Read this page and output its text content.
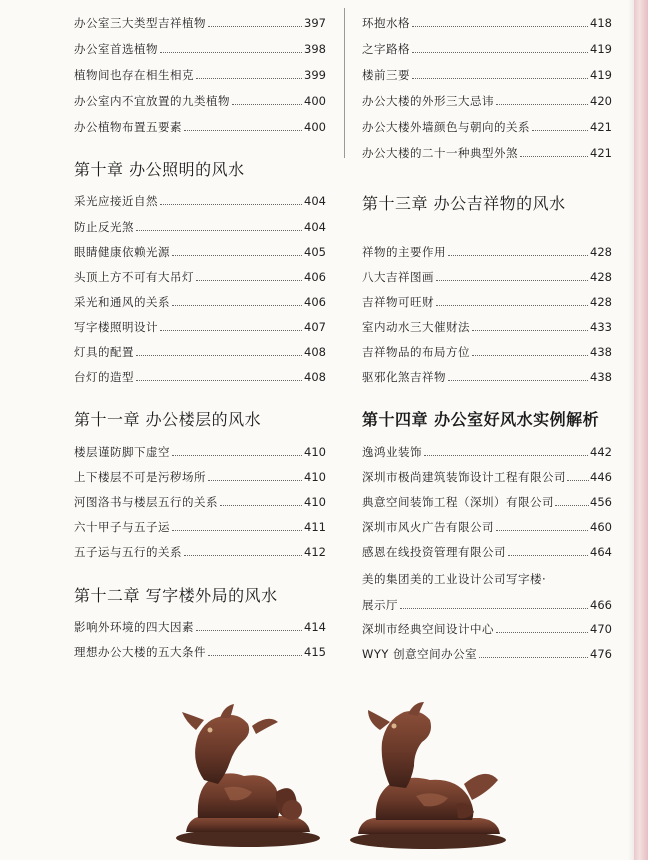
办公室三大类型吉祥植物	397
办公室首选植物	398
植物间也存在相生相克	399
办公室内不宜放置的九类植物	400
办公植物布置五要素	400
第十章 办公照明的风水
采光应接近自然	404
防止反光煞	404
眼睛健康依赖光源	405
头顶上方不可有大吊灯	406
采光和通风的关系	406
写字楼照明设计	407
灯具的配置	408
台灯的造型	408
第十一章 办公楼层的风水
楼层谨防脚下虚空	410
上下楼层不可是污秽场所	410
河图洛书与楼层五行的关系	410
六十甲子与五子运	411
五子运与五行的关系	412
第十二章 写字楼外局的风水
影响外环境的四大因素	414
理想办公大楼的五大条件	415
环抱水格	418
之字路格	419
楼前三要	419
办公大楼的外形三大忌讳	420
办公大楼外墙颜色与朝向的关系	421
办公大楼的二十一种典型外煞	421
第十三章 办公吉祥物的风水
祥物的主要作用	428
八大吉祥图画	428
吉祥物可旺财	428
室内动水三大催财法	433
吉祥物品的布局方位	438
驱邪化煞吉祥物	438
第十四章 办公室好风水实例解析
逸鸿业装饰	442
深圳市极尚建筑装饰设计工程有限公司 446
典意空间装饰工程（深圳）有限公司	456
深圳市风火广告有限公司	460
感恩在线投资管理有限公司	464
美的集团美的工业设计公司写字楼·
展示厅	466
深圳市经典空间设计中心	470
WYY 创意空间办公室	476
